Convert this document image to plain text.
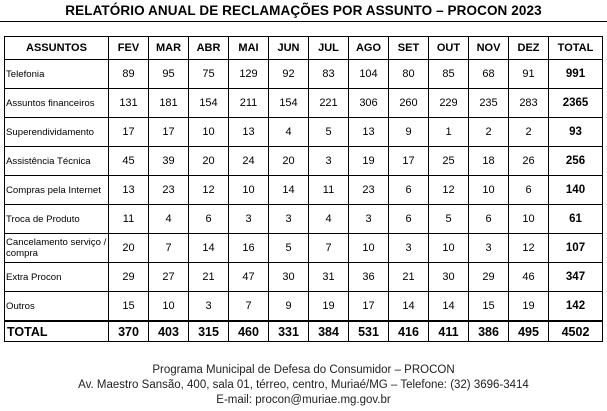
RELATÓRIO ANUAL DE RECLAMAÇÕES POR ASSUNTO – PROCON 2023
ASSUNTOS	FEV	MAR	ABR	MAI	JUN	JUL	AGO	SET	OUT	NOV	DEZ	TOTAL
Telefonia	89	95	75	129	92	83	104	80	85	68	91	991
Assuntos financeiros	131	181	154	211	154	221	306	260	229	235	283	2365
Superendividamento	17	17	10	13	4	5	13	9	1	2	2	93
Assistência Técnica	45	39	20	24	20	3	19	17	25	18	26	256
Compras pela Internet	13	23	12	10	14	11	23	6	12	10	6	140
Troca de Produto	11	4	6	3	3	4	3	6	5	6	10	61
Cancelamento serviço / compra	20	7	14	16	5	7	10	3	10	3	12	107
Extra Procon	29	27	21	47	30	31	36	21	30	29	46	347
Outros	15	10	3	7	9	19	17	14	14	15	19	142
TOTAL	370	403	315	460	331	384	531	416	411	386	495	4502
Programa Municipal de Defesa do Consumidor – PROCON
Av. Maestro Sansão, 400, sala 01, térreo, centro, Muriaé/MG – Telefone: (32) 3696-3414
E-mail: procon@muriae.mg.gov.br
